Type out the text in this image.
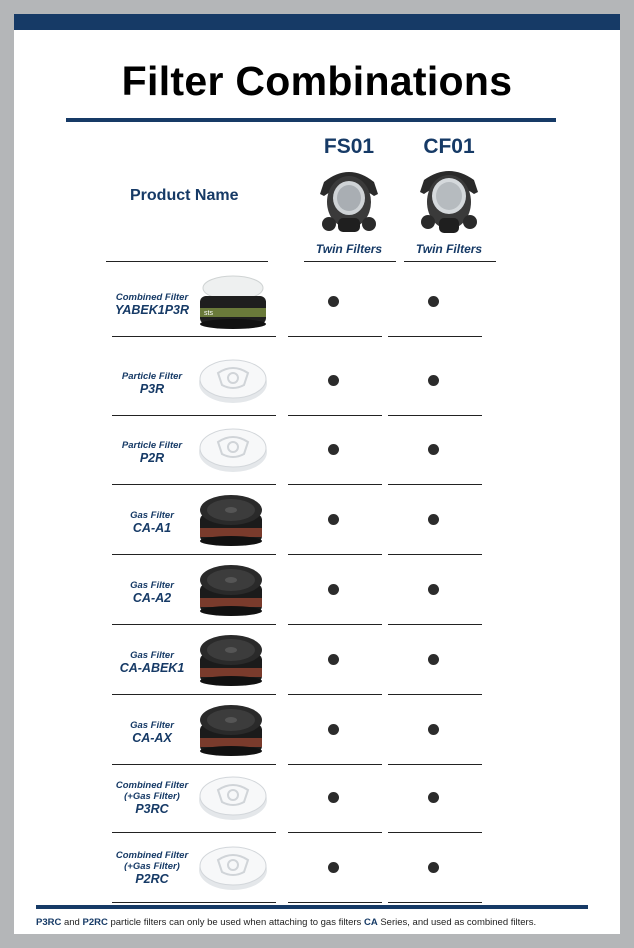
Filter Combinations
Product Name
FS01
Twin Filters
CF01
Twin Filters
Combined Filter
YABEK1P3R	sts
Particle Filter
P3R
Particle Filter
P2R
Gas Filter
CA-A1
Gas Filter
CA-A2
Gas Filter
CA-ABEK1
Gas Filter
CA-AX
Combined Filter
(+Gas Filter)
P3RC
Combined Filter
(+Gas Filter)
P2RC
P3RC and P2RC particle filters can only be used when attaching to gas filters CA Series, and used as combined filters.
